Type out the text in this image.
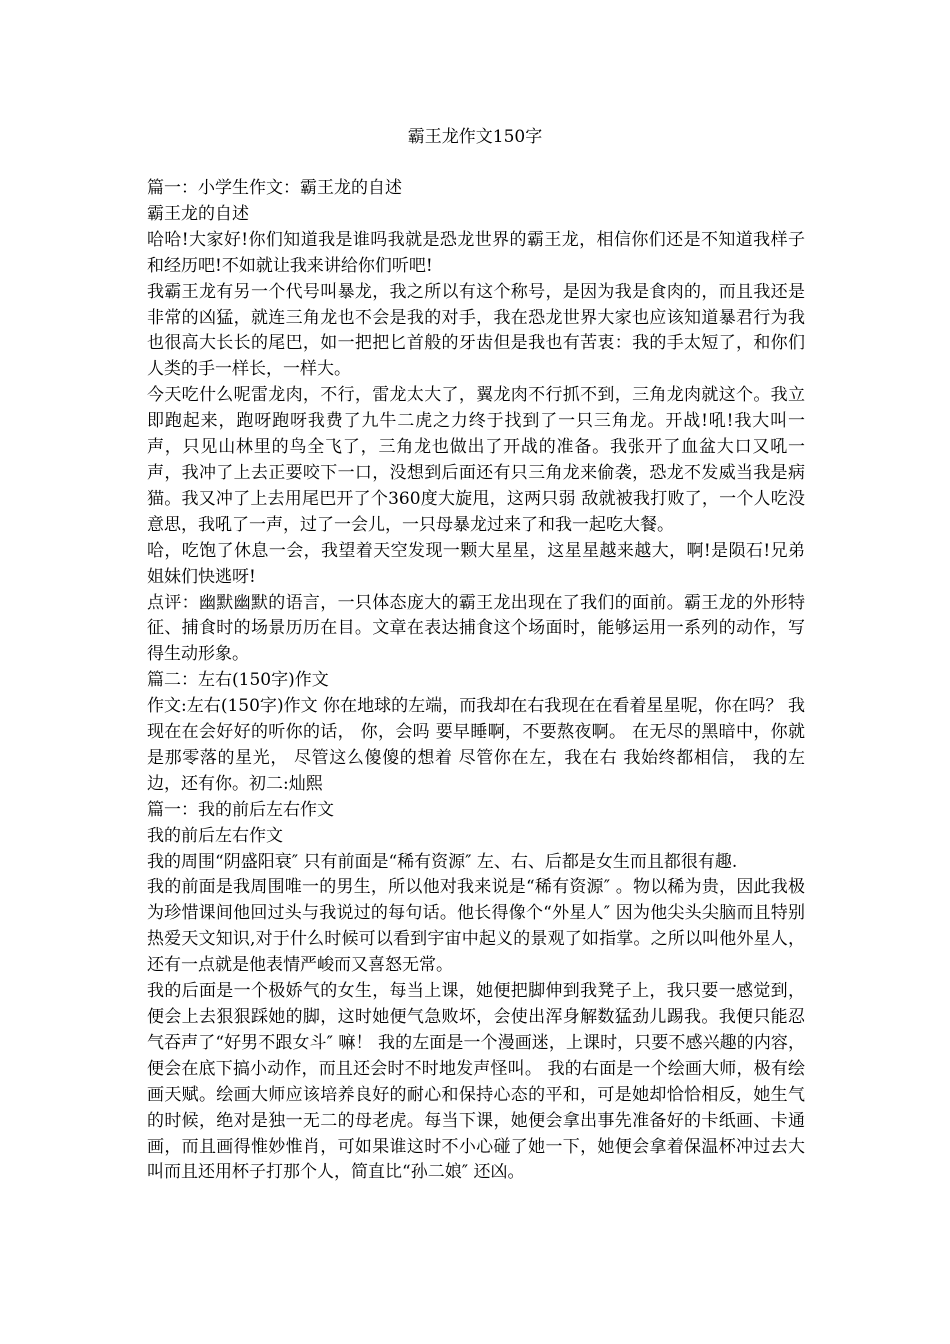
霸王龙作文150字

篇一：小学生作文：霸王龙的自述

霸王龙的自述

哈哈!大家好!你们知道我是谁吗我就是恐龙世界的霸王龙，相信你们还是不知道我样子和经历吧!不如就让我来讲给你们听吧!

我霸王龙有另一个代号叫暴龙，我之所以有这个称号，是因为我是食肉的，而且我还是非常的凶猛，就连三角龙也不会是我的对手，我在恐龙世界大家也应该知道暴君行为我也很高大长长的尾巴，如一把把匕首般的牙齿但是我也有苦衷：我的手太短了，和你们人类的手一样长，一样大。

今天吃什么呢雷龙肉，不行，雷龙太大了，翼龙肉不行抓不到，三角龙肉就这个。我立即跑起来，跑呀跑呀我费了九牛二虎之力终于找到了一只三角龙。开战!吼!我大叫一声，只见山林里的鸟全飞了，三角龙也做出了开战的准备。我张开了血盆大口又吼一声，我冲了上去正要咬下一口，没想到后面还有只三角龙来偷袭，恐龙不发威当我是病猫。我又冲了上去用尾巴开了个360度大旋甩，这两只弱 敌就被我打败了，一个人吃没意思，我吼了一声，过了一会儿，一只母暴龙过来了和我一起吃大餐。

哈，吃饱了休息一会，我望着天空发现一颗大星星，这星星越来越大，啊!是陨石!兄弟姐妹们快逃呀!

点评：幽默幽默的语言，一只体态庞大的霸王龙出现在了我们的面前。霸王龙的外形特征、捕食时的场景历历在目。文章在表达捕食这个场面时，能够运用一系列的动作，写得生动形象。

篇二：左右(150字)作文

作文:左右(150字)作文 你在地球的左端，而我却在右我现在在看着星星呢，你在吗？ 我现在在会好好的听你的话， 你，会吗 要早睡啊，不要熬夜啊。 在无尽的黑暗中，你就是那零落的星光， 尽管这么傻傻的想着 尽管你在左，我在右 我始终都相信， 我的左边，还有你。初二:灿熙

篇一：我的前后左右作文

我的前后左右作文

我的周围“阴盛阳衰″ 只有前面是“稀有资源″ 左、右、后都是女生而且都很有趣.

我的前面是我周围唯一的男生，所以他对我来说是“稀有资源″ 。物以稀为贵，因此我极为珍惜课间他回过头与我说过的每句话。他长得像个“外星人″ 因为他尖头尖脑而且特别热爱天文知识,对于什么时候可以看到宇宙中起义的景观了如指掌。之所以叫他外星人，还有一点就是他表情严峻而又喜怒无常。

我的后面是一个极娇气的女生，每当上课，她便把脚伸到我凳子上，我只要一感觉到，便会上去狠狠踩她的脚，这时她便气急败坏，会使出浑身解数猛劲儿踢我。我便只能忍气吞声了“好男不跟女斗″ 嘛！ 我的左面是一个漫画迷，上课时，只要不感兴趣的内容，便会在底下搞小动作，而且还会时不时地发声怪叫。 我的右面是一个绘画大师，极有绘画天赋。绘画大师应该培养良好的耐心和保持心态的平和，可是她却恰恰相反，她生气的时候，绝对是独一无二的母老虎。每当下课，她便会拿出事先准备好的卡纸画、卡通画，而且画得惟妙惟肖，可如果谁这时不小心碰了她一下，她便会拿着保温杯冲过去大叫而且还用杯子打那个人，简直比“孙二娘″ 还凶。
